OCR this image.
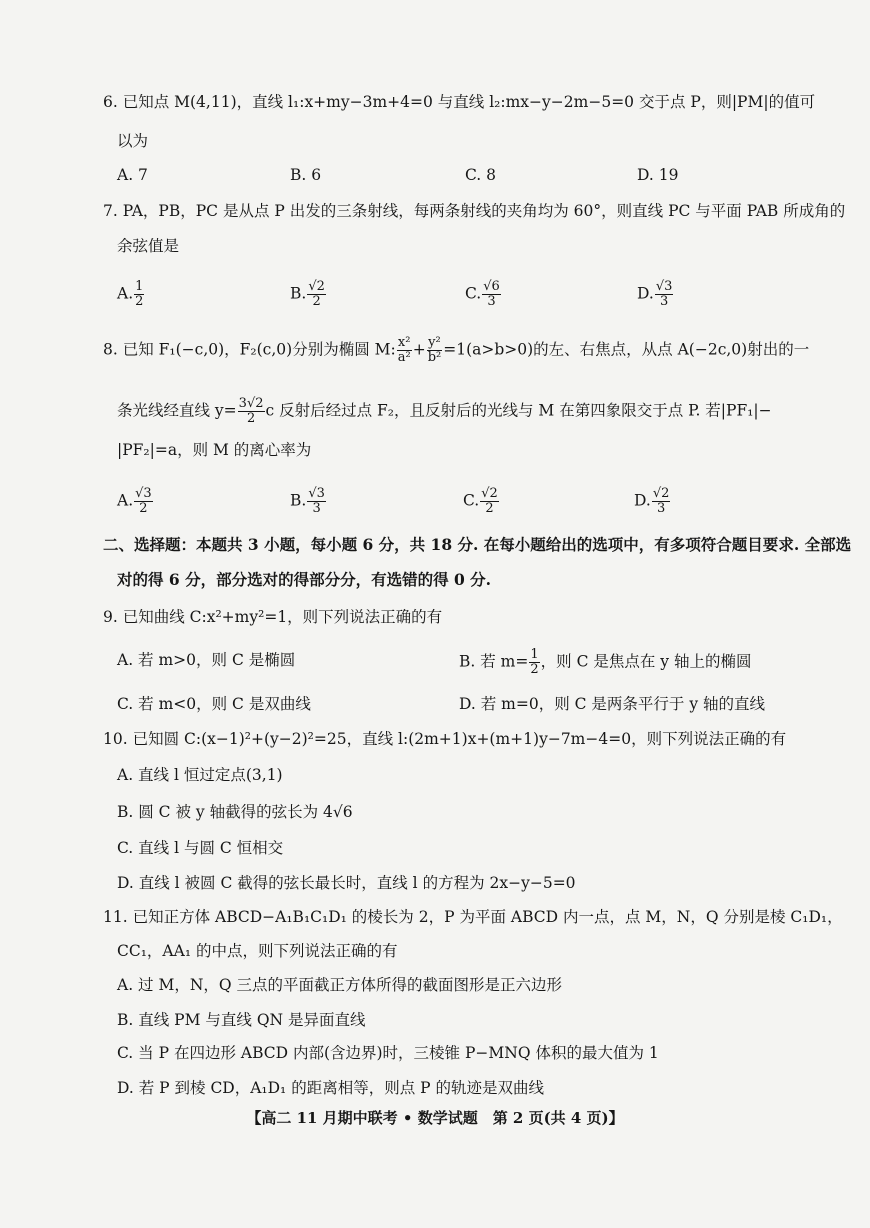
6. 已知点 M(4,11)，直线 l₁:x+my−3m+4=0 与直线 l₂:mx−y−2m−5=0 交于点 P，则|PM|的值可
以为
A. 7	B. 6	C. 8	D. 19
7. PA，PB，PC 是从点 P 出发的三条射线，每两条射线的夹角均为 60°，则直线 PC 与平面 PAB 所成角的
余弦值是
A. $\frac{1}{2}$	B. $\frac{√2}{2}$	C. $\frac{√6}{3}$	D. $\frac{√3}{3}$
8. 已知 F₁(−c,0)，F₂(c,0)分别为椭圆 M: $\frac{\text{x²}}{\text{a²}} + \frac{\text{y²}}{\text{b²}} =1(a>b>0)$的左、右焦点，从点 A(−2c,0)射出的一
条光线经直线 $y= \frac{3√2}{2}$ c 反射后经过点 F₂，且反射后的光线与 M 在第四象限交于点 P. 若|PF₁|−
|PF₂|=a，则 M 的离心率为
A. $\frac{√3}{2}$	B. $\frac{√3}{3}$	C. $\frac{√2}{2}$	D. $\frac{√2}{3}$
二、选择题：本题共 3 小题，每小题 6 分，共 18 分. 在每小题给出的选项中，有多项符合题目要求. 全部选
对的得 6 分，部分选对的得部分分，有选错的得 0 分.
9. 已知曲线 C:x²+my²=1，则下列说法正确的有
A. 若 m>0，则 C 是椭圆	B. 若 $m= \frac{1}{2}$ ，则 C 是焦点在 y 轴上的椭圆
C. 若 m<0，则 C 是双曲线	D. 若 m=0，则 C 是两条平行于 y 轴的直线
10. 已知圆 C:(x−1)²+(y−2)²=25，直线 l:(2m+1)x+(m+1)y−7m−4=0，则下列说法正确的有
A. 直线 l 恒过定点(3,1)
B. 圆 C 被 y 轴截得的弦长为 4√6
C. 直线 l 与圆 C 恒相交
D. 直线 l 被圆 C 截得的弦长最长时，直线 l 的方程为 2x−y−5=0
11. 已知正方体 ABCD−A₁B₁C₁D₁ 的棱长为 2，P 为平面 ABCD 内一点，点 M，N，Q 分别是棱 C₁D₁，
CC₁，AA₁ 的中点，则下列说法正确的有
A. 过 M，N，Q 三点的平面截正方体所得的截面图形是正六边形
B. 直线 PM 与直线 QN 是异面直线
C. 当 P 在四边形 ABCD 内部(含边界)时，三棱锥 P−MNQ 体积的最大值为 1
D. 若 P 到棱 CD，A₁D₁ 的距离相等，则点 P 的轨迹是双曲线
【高二 11 月期中联考 • 数学试题　第 2 页(共 4 页)】
